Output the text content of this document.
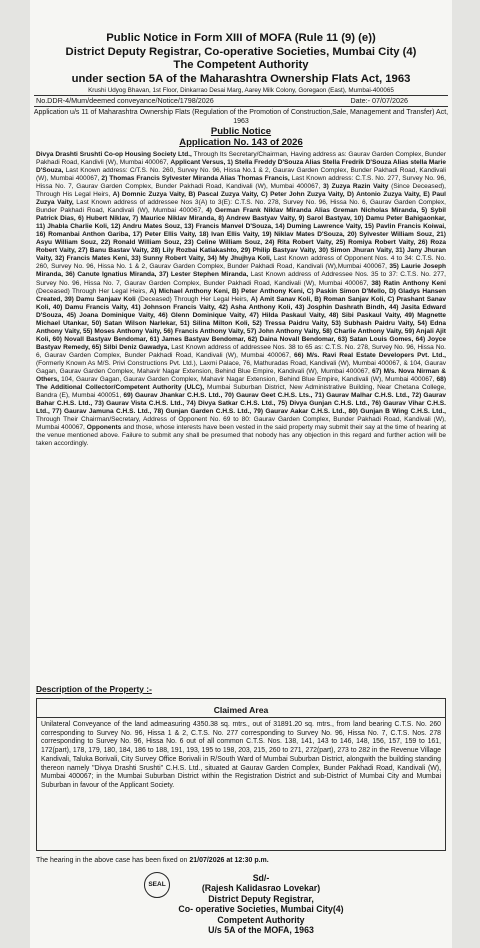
Public Notice in Form XIII of MOFA (Rule 11 (9) (e))
District Deputy Registrar, Co-operative Societies, Mumbai City (4)
The Competent Authority
under section 5A of the Maharashtra Ownership Flats Act, 1963
Krushi Udyog Bhavan, 1st Floor, Dinkarrao Desai Marg, Aarey Milk Colony, Goregaon (East), Mumbai-400065
No.DDR-4/Mum/deemed conveyance/Notice/1798/2026	Date:- 07/07/2026
Application u/s 11 of Maharashtra Ownership Flats (Regulation of the Promotion of Construction,Sale, Management and Transfer) Act, 1963
Public Notice
Application No. 143 of 2026
Divya Drashti Srushti Co-op Housing Society Ltd., Through Its Secretary/Chairman, Having address as: Gaurav Garden Complex, Bunder Pakhadi Road, Kandivli (W), Mumbai 400067, Applicant Versus, 1) Stella Freddy D'Souza Alias Stella Fredrik D'Souza Alias stella Marie D'Souza, Last Known address: C/T.S. No. 260, Survey No. 96, Hissa No.1 & 2, Gaurav Garden Complex, Bunder Pakhadi Road, Kandivali (W), Mumbai 400067, 2) Thomas Francis Sylvester Miranda Alias Thomas Francis, Last Known address: C.T.S. No. 277, Survey No. 96, Hissa No. 7, Gaurav Garden Complex, Bunder Pakhadi Road, Kandivali (W), Mumbai 400067, 3) Zuzya Razin Vaity (Since Deceased), Through His Legal Heirs, A) Domnic Zuzya Vaity, B) Pascal Zuzya Vaity, C) Peter John Zuzya Vaity, D) Antonio Zuzya Vaity, E) Paul Zuzya Vaity, Last Known address of addressee Nos 3(A) to 3(E): C.T.S. No. 278, Survey No. 96, Hissa No. 6, Gaurav Garden Complex, Bunder Pakhadi Road, Kandivali (W), Mumbai 400067, 4) German Frank Niklav Miranda Alias Greman Nicholas Miranda, 5) Sybil Patrick Dias, 6) Hubert Niklav, 7) Maurice Niklav Miranda, 8) Andrew Bastyav Vaity, 9) Sarol Bastyav, 10) Damu Peter Bahigaonkar, 11) Jhabla Charlie Koli, 12) Andru Mates Souz, 13) Francis Manvel D'Souza, 14) Duming Lawrence Vaity, 15) Pavlin Francis Koiwai, 16) Romanbai Anthon Gariba, 17) Peter Ellis Vaity, 18) Ivan Ellis Vaity, 19) Niklav Mates D'Souza, 20) Sylvester William Souz, 21) Asyu William Souz, 22) Ronald William Souz, 23) Celine William Souz, 24) Rita Robert Vaity, 25) Romiya Robert Vaity, 26) Roza Robert Vaity, 27) Banu Bastav Vaity, 28) Lily Rozbai Katiakashto, 29) Philip Bastyav Vaity, 30) Simon Jhuran Vaity, 31) Jany Jhuran Vaity, 32) Francis Mates Keni, 33) Sunny Robert Vaity, 34) My Jhujhya Koli, Last Known address of Opponent Nos. 4 to 34: C.T.S. No. 260, Survey No. 96, Hissa No. 1 & 2, Gaurav Garden Complex, Bunder Pakhadi Road, Kandivali (W),Mumbai 400067, 35) Laurie Joseph Miranda, 36) Canute Ignatius Miranda, 37) Lester Stephen Miranda, Last Known address of Addressee Nos. 35 to 37: C.T.S. No. 277, Survey No. 96, Hissa No. 7, Gaurav Garden Complex, Bunder Pakhadi Road, Kandivali (W), Mumbai 400067, 38) Ratin Anthony Keni (Deceased) Through Her Legal Heirs, A) Michael Anthony Keni, B) Peter Anthony Keni, C) Paskin Simon D'Mello, D) Gladys Hansen Created, 39) Damu Sanjaav Koli (Deceased) Through Her Legal Heirs, A) Amit Sanav Koli, B) Roman Sanjav Koli, C) Prashant Sanav Koli, 40) Damu Francis Vaity, 41) Johnson Francis Vaity, 42) Asha Anthony Koli, 43) Josphin Dashrath Bindh, 44) Jasita Edward D'Souza, 45) Joana Dominique Vaity, 46) Glenn Dominique Vaity, 47) Hilda Paskaul Vaity, 48) Sibi Paskaul Vaity, 49) Magnette Michael Utankar, 50) Satan Wilson Narlekar, 51) Silina Milton Koli, 52) Tressa Paidru Vaity, 53) Subhash Paidru Vaity, 54) Edna Anthony Vaity, 55) Moses Anthony Vaity, 56) Francis Anthony Vaity, 57) John Anthony Vaity, 58) Charlie Anthony Vaity, 59) Anjali Ajit Koli, 60) Novall Bastyav Bendomar, 61) James Bastyav Bendomar, 62) Daina Novall Bendomar, 63) Satan Louis Gomes, 64) Joyce Bastyav Remedy, 65) Silbi Deniz Gawadya, Last Known address of addressee Nos. 38 to 65 as: C.T.S. No. 278, Survey No. 96, Hissa No. 6, Gaurav Garden Complex, Bunder Pakhadi Road, Kandivali (W), Mumbai 400067, 66) M/s. Ravi Real Estate Developers Pvt. Ltd., (Formerly Known As M/S. Privi Constructions Pvt. Ltd.), Laxmi Palace, 76, Mathuradas Road, Kandivali (W), Mumbai 400067, & 104, Gaurav Gagan, Gaurav Garden Complex, Mahavir Nagar Extension, Behind Blue Empire, Kandivali (W), Mumbai 400067, 67) M/s. Nova Nirman & Others, 104, Gaurav Gagan, Gaurav Garden Complex, Mahavir Nagar Extension, Behind Blue Empire, Kandivali (W), Mumbai 400067, 68) The Additional Collector/Competent Authority (ULC), Mumbai Suburban District, New Administrative Building, Near Chetana College, Bandra (E), Mumbai 400051, 69) Gaurav Jhankar C.H.S. Ltd., 70) Gaurav Geet C.H.S. Lts., 71) Gaurav Malhar C.H.S. Ltd., 72) Gaurav Bahar C.H.S. Ltd., 73) Gaurav Vista C.H.S. Ltd., 74) Divya Satkar C.H.S. Ltd., 75) Divya Gunjan C.H.S. Ltd., 76) Gaurav Vihar C.H.S. Ltd., 77) Gaurav Jamuna C.H.S. Ltd., 78) Gunjan Garden C.H.S. Ltd., 79) Gaurav Aakar C.H.S. Ltd., 80) Gunjan B Wing C.H.S. Ltd., Through Their Chairman/Secretary, Address of Opponent No. 69 to 80: Gaurav Garden Complex, Bunder Pakhadi Road, Kandivali (W), Mumbai 400067, Opponents and those, whose interests have been vested in the said property may submit their say at the time of hearing at the venue mentioned above. Failure to submit any shall be presumed that nobody has any objection in this regard and further action will be taken accordingly.
Description of the Property :-
Claimed Area
Unilateral Conveyance of the land admeasuring 4350.38 sq. mtrs., out of 31891.20 sq. mtrs., from land bearing C.T.S. No. 260 corresponding to Survey No. 96, Hissa 1 & 2, C.T.S. No. 277 corresponding to Survey No. 96, Hissa No. 7, C.T.S. Nos. 278 corresponding to Survey No. 96, Hissa No. 6 out of all common C.T.S. Nos. 138, 141, 143 to 146, 148, 156, 157, 159 to 161, 172(part), 178, 179, 180, 184, 186 to 188, 191, 193, 195 to 198, 203, 215, 260 to 271, 272(part), 273 to 282 in the Revenue Village Kandivali, Taluka Borivali, City Survey Office Borivali in R/South Ward of Mumbai Suburban District, alongwith the building standing thereon namely "Divya Drashti Srushti" C.H.S. Ltd., situated at Gaurav Garden Complex, Bunder Pakhadi Road, Kandivali (W), Mumbai 400067; in the Mumbai Suburban District within the Registration District and sub-District of Mumbai City and Mumbai Suburban in favour of the Applicant Society.
The hearing in the above case has been fixed on 21/07/2026 at 12:30 p.m.
Sd/-
(Rajesh Kalidasrao Lovekar)
District Deputy Registrar,
Co- operative Societies, Mumbai City(4)
Competent Authority
U/s 5A of the MOFA, 1963
SEAL
